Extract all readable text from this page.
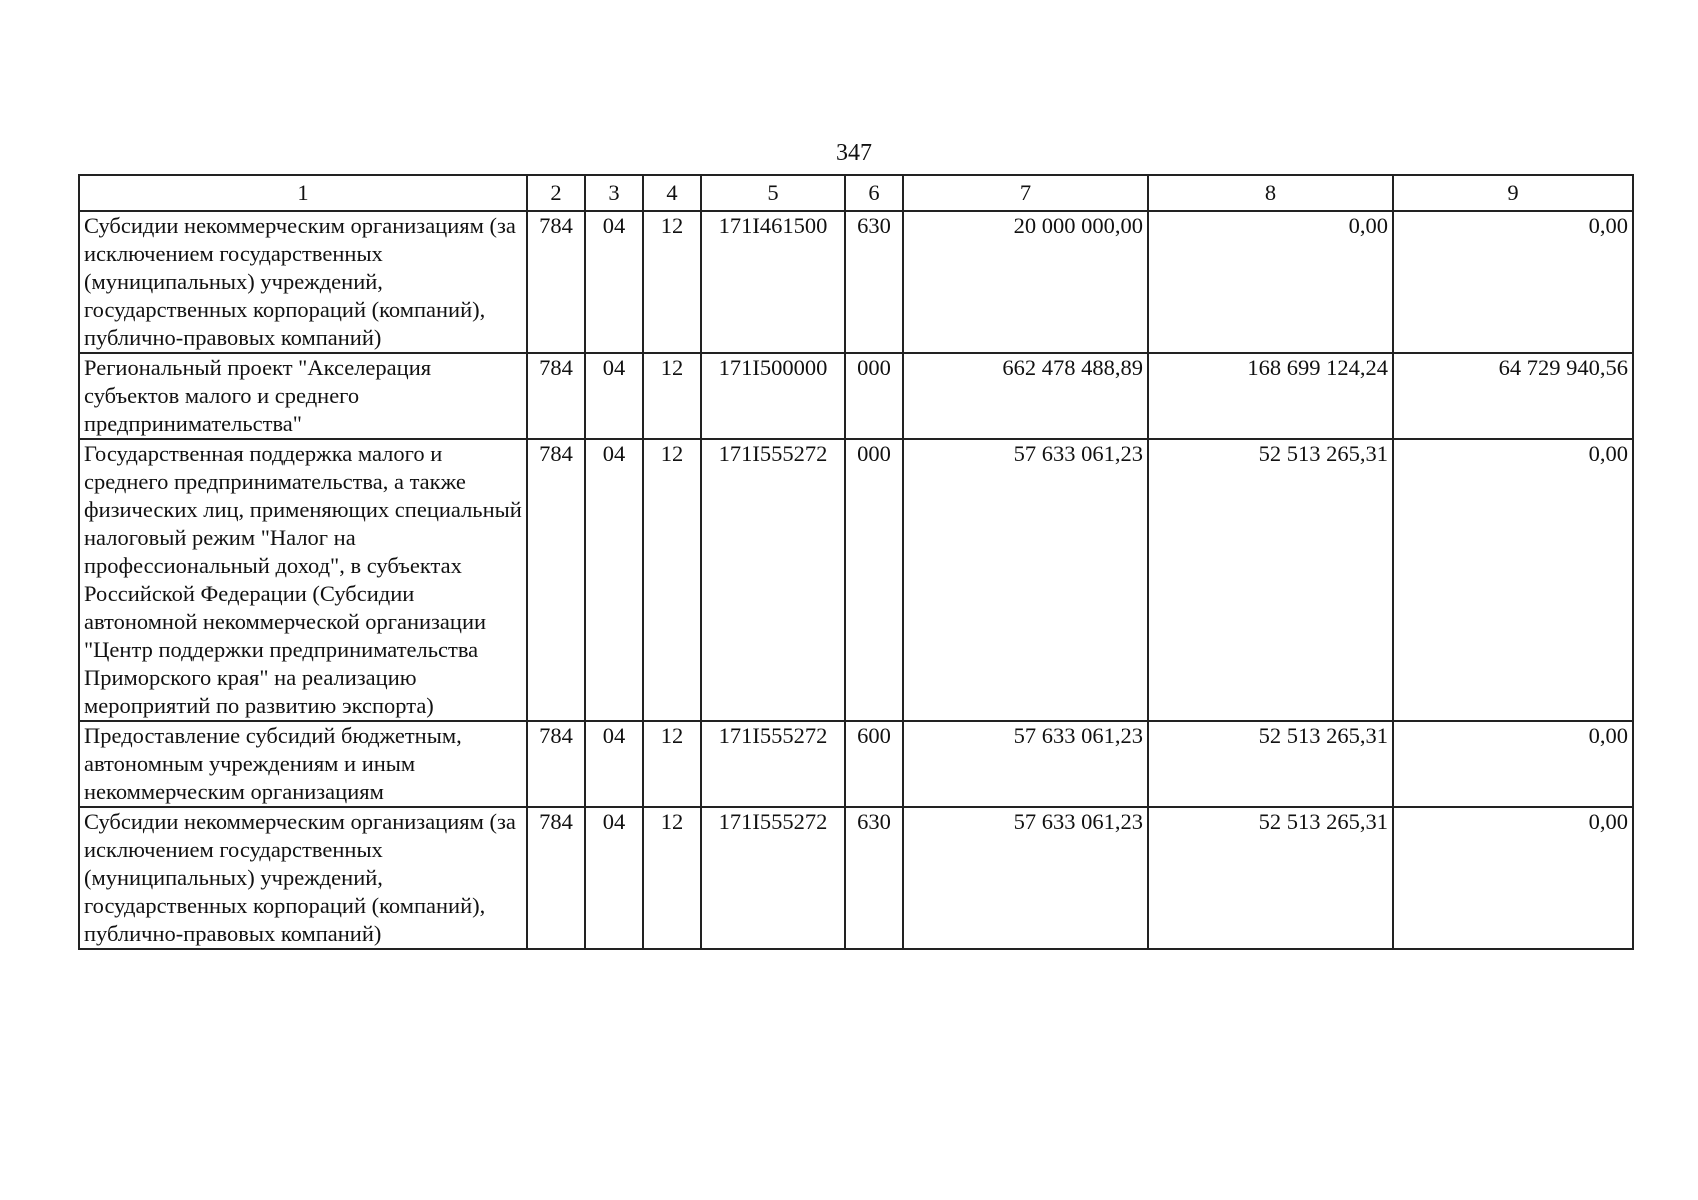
347
1	2	3	4	5	6	7	8	9
Субсидии некоммерческим организациям (за исключением государственных (муниципальных) учреждений, государственных корпораций (компаний), публично-правовых компаний)	784	04	12	171I461500	630	20 000 000,00	0,00	0,00
Региональный проект "Акселерация субъектов малого и среднего предпринимательства"	784	04	12	171I500000	000	662 478 488,89	168 699 124,24	64 729 940,56
Государственная поддержка малого и среднего предпринимательства, а также физических лиц, применяющих специальный налоговый режим "Налог на профессиональный доход", в субъектах Российской Федерации (Субсидии автономной некоммерческой организации "Центр поддержки предпринимательства Приморского края" на реализацию мероприятий по развитию экспорта)	784	04	12	171I555272	000	57 633 061,23	52 513 265,31	0,00
Предоставление субсидий бюджетным, автономным учреждениям и иным некоммерческим организациям	784	04	12	171I555272	600	57 633 061,23	52 513 265,31	0,00
Субсидии некоммерческим организациям (за исключением государственных (муниципальных) учреждений, государственных корпораций (компаний), публично-правовых компаний)	784	04	12	171I555272	630	57 633 061,23	52 513 265,31	0,00
